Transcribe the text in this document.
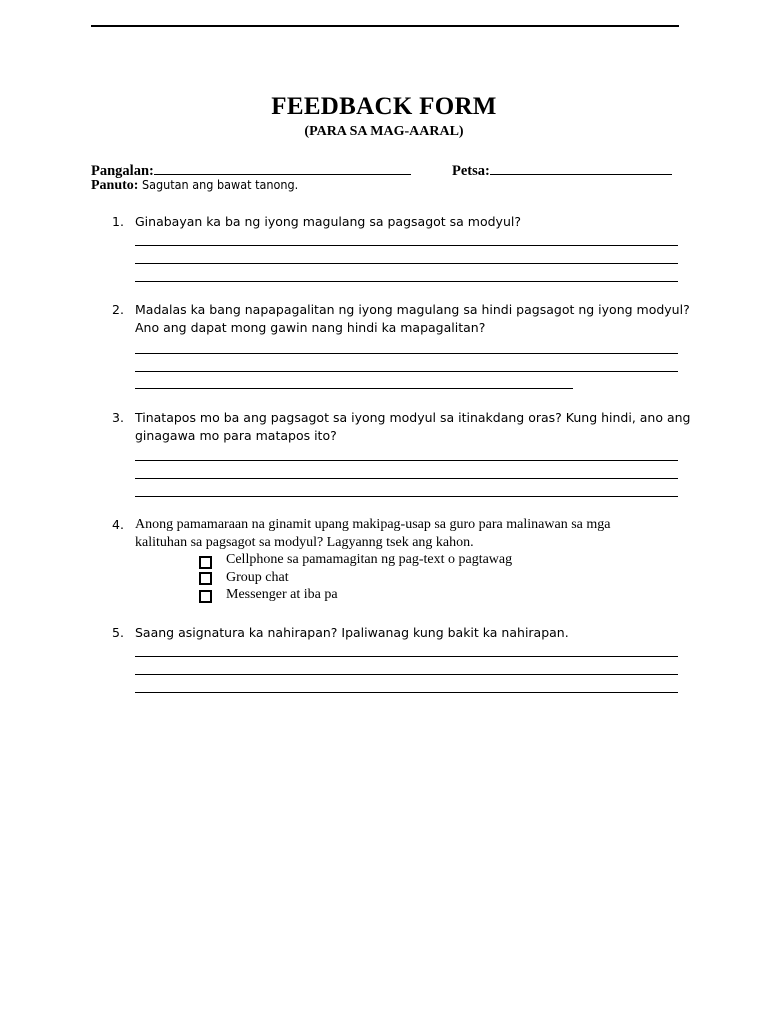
FEEDBACK FORM
(PARA SA MAG-AARAL)
Pangalan:	Petsa:
Panuto: Sagutan ang bawat tanong.
1. Ginabayan ka ba ng iyong magulang sa pagsagot sa modyul?
2. Madalas ka bang napapagalitan ng iyong magulang sa hindi pagsagot ng iyong modyul?
Ano ang dapat mong gawin nang hindi ka mapagalitan?
3. Tinatapos mo ba ang pagsagot sa iyong modyul sa itinakdang oras? Kung hindi, ano ang
ginagawa mo para matapos ito?
4. Anong pamamaraan na ginamit upang makipag-usap sa guro para malinawan sa mga
kalituhan sa pagsagot sa modyul? Lagyanng tsek ang kahon.
Cellphone sa pamamagitan ng pag-text o pagtawag
Group chat
Messenger at iba pa
5. Saang asignatura ka nahirapan? Ipaliwanag kung bakit ka nahirapan.
